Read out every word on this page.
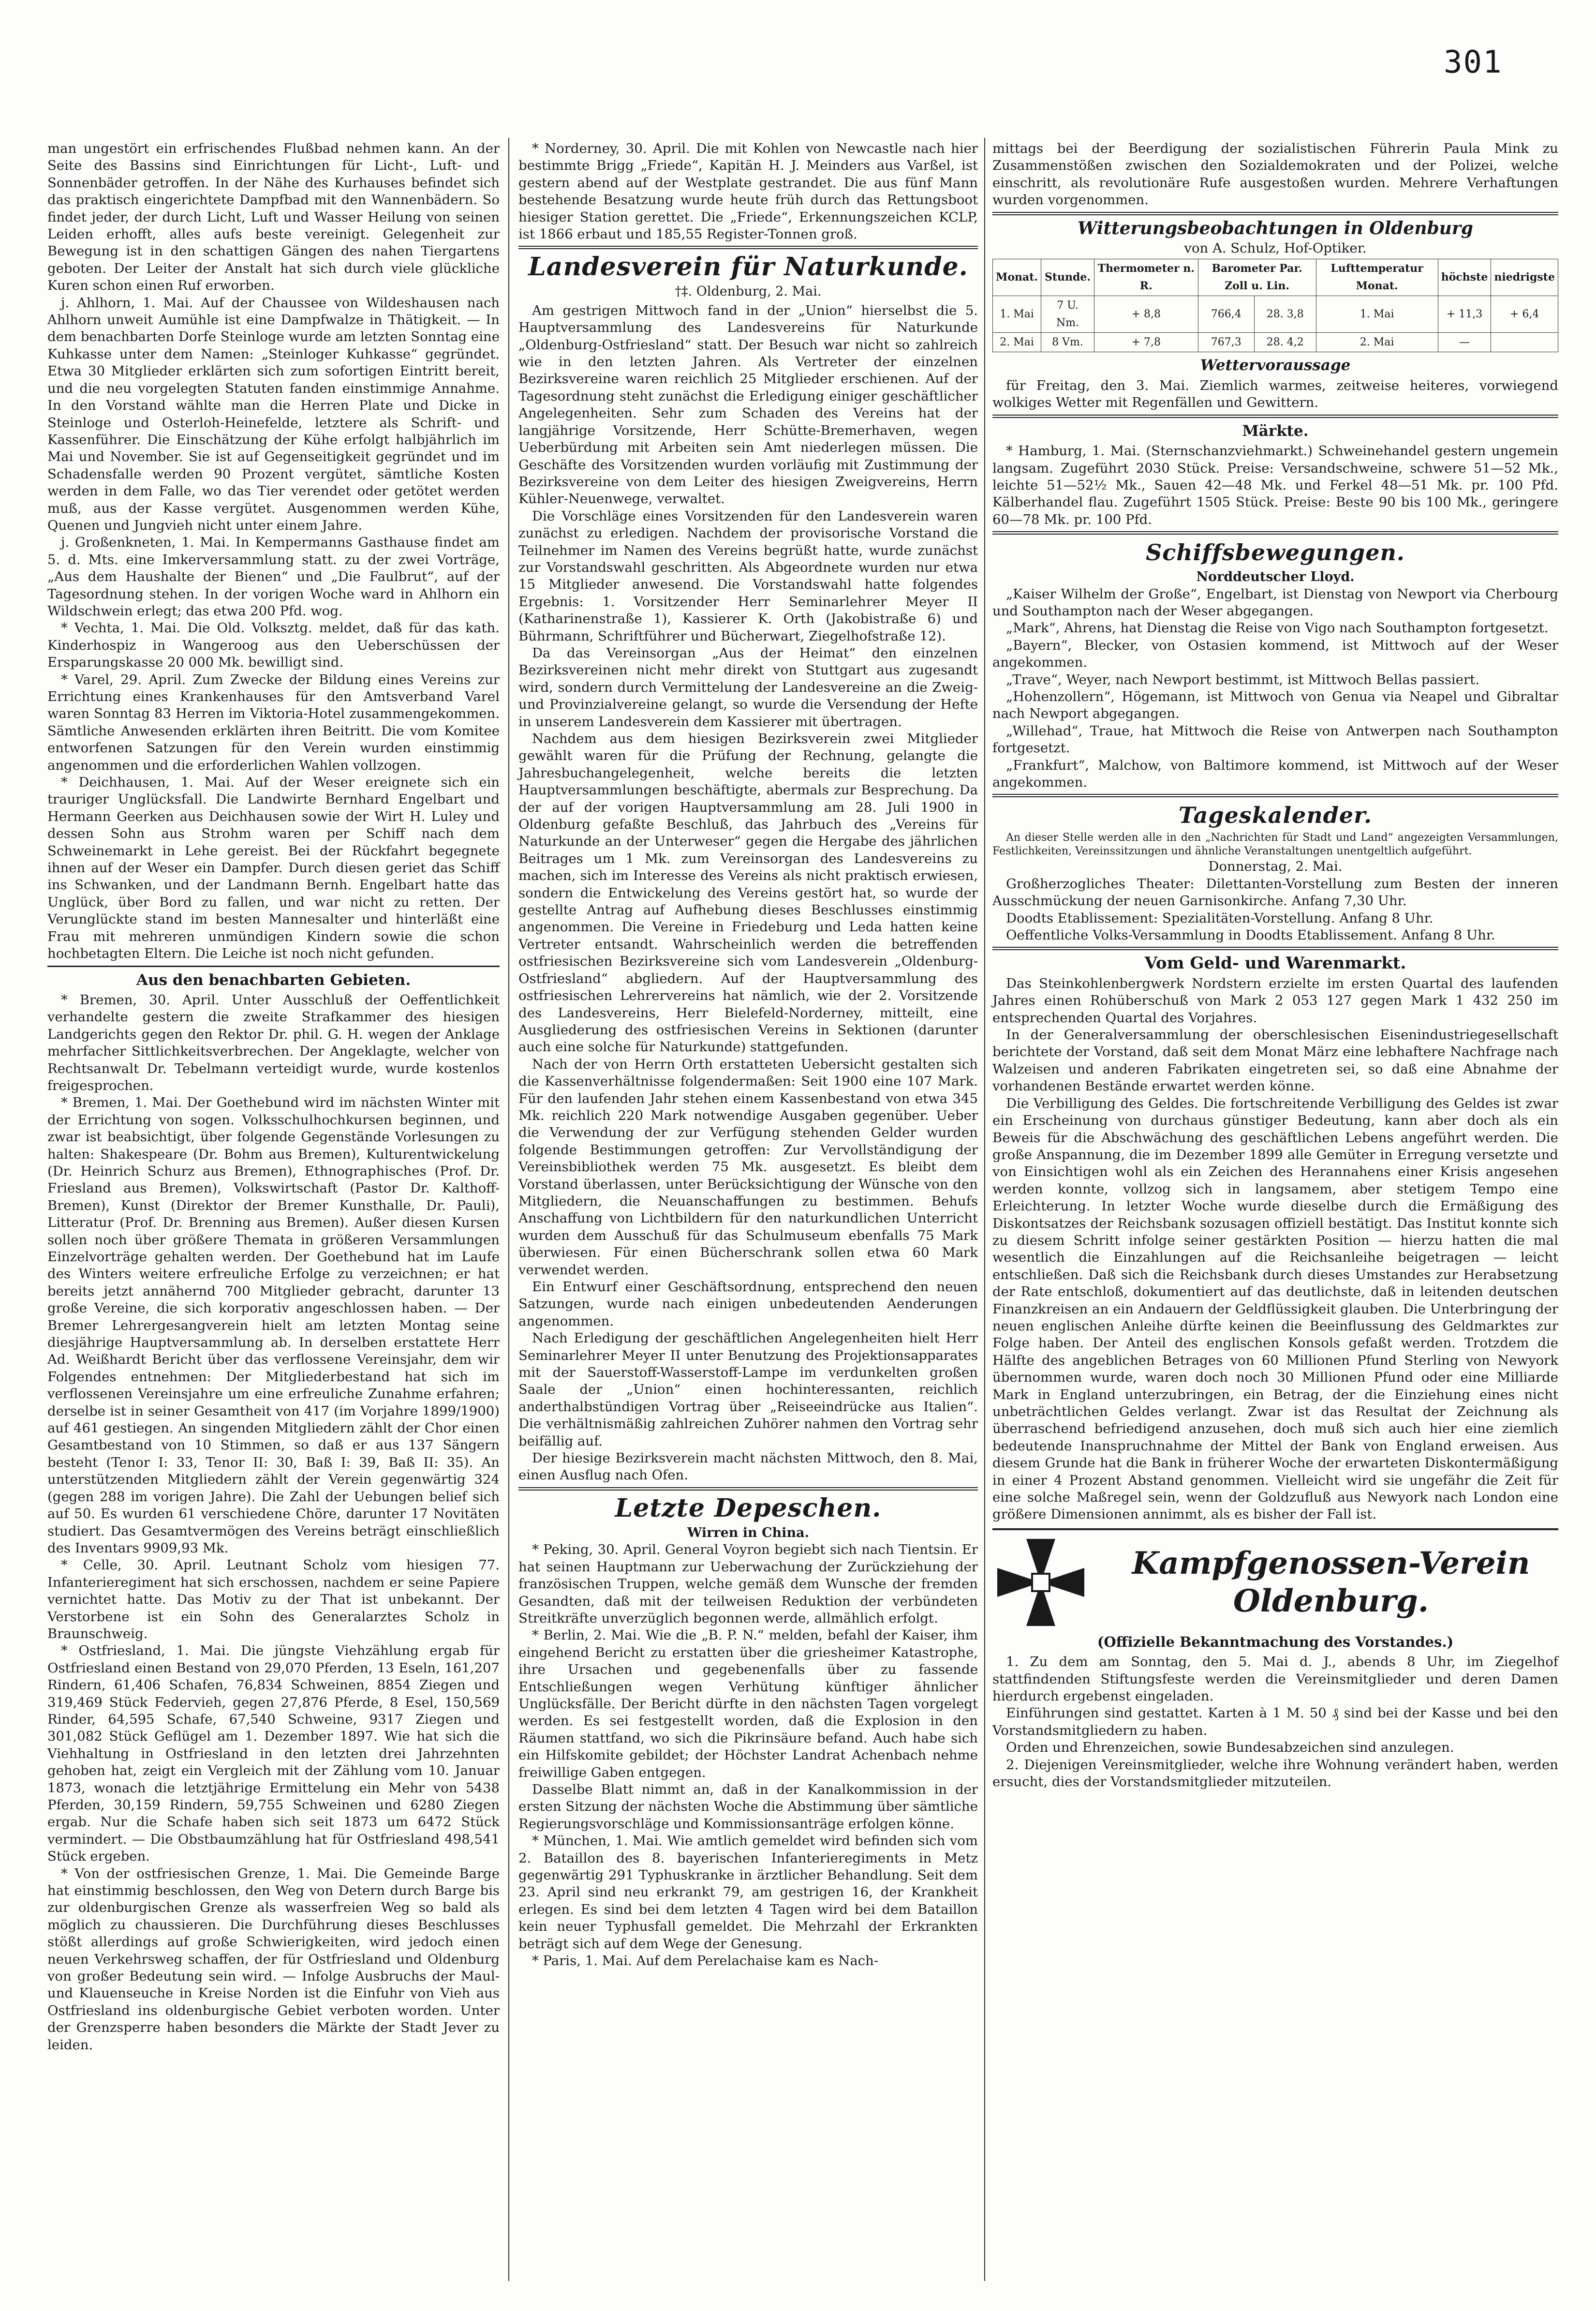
301

man ungestört ein erfrischendes Flußbad nehmen kann. An der Seite des Bassins sind Einrichtungen für Licht-, Luft- und Sonnenbäder getroffen. In der Nähe des Kurhauses befindet sich das praktisch eingerichtete Dampfbad mit den Wannenbädern. So findet jeder, der durch Licht, Luft und Wasser Heilung von seinen Leiden erhofft, alles aufs beste vereinigt. Gelegenheit zur Bewegung ist in den schattigen Gängen des nahen Tiergartens geboten. Der Leiter der Anstalt hat sich durch viele glückliche Kuren schon einen Ruf erworben.

j. Ahlhorn, 1. Mai. Auf der Chaussee von Wildeshausen nach Ahlhorn unweit Aumühle ist eine Dampfwalze in Thätigkeit. — In dem benachbarten Dorfe Steinloge wurde am letzten Sonntag eine Kuhkasse unter dem Namen: „Steinloger Kuhkasse“ gegründet. Etwa 30 Mitglieder erklärten sich zum sofortigen Eintritt bereit, und die neu vorgelegten Statuten fanden einstimmige Annahme. In den Vorstand wählte man die Herren Plate und Dicke in Steinloge und Osterloh-Heinefelde, letztere als Schrift- und Kassenführer. Die Einschätzung der Kühe erfolgt halbjährlich im Mai und November. Sie ist auf Gegenseitigkeit gegründet und im Schadensfalle werden 90 Prozent vergütet, sämtliche Kosten werden in dem Falle, wo das Tier verendet oder getötet werden muß, aus der Kasse vergütet. Ausgenommen werden Kühe, Quenen und Jungvieh nicht unter einem Jahre.

j. Großenkneten, 1. Mai. In Kempermanns Gasthause findet am 5. d. Mts. eine Imkerversammlung statt. zu der zwei Vorträge, „Aus dem Haushalte der Bienen“ und „Die Faulbrut“, auf der Tagesordnung stehen. In der vorigen Woche ward in Ahlhorn ein Wildschwein erlegt; das etwa 200 Pfd. wog.

* Vechta, 1. Mai. Die Old. Volksztg. meldet, daß für das kath. Kinderhospiz in Wangeroog aus den Ueberschüssen der Ersparungskasse 20 000 Mk. bewilligt sind.

* Varel, 29. April. Zum Zwecke der Bildung eines Vereins zur Errichtung eines Krankenhauses für den Amtsverband Varel waren Sonntag 83 Herren im Viktoria-Hotel zusammengekommen. Sämtliche Anwesenden erklärten ihren Beitritt. Die vom Komitee entworfenen Satzungen für den Verein wurden einstimmig angenommen und die erforderlichen Wahlen vollzogen.

* Deichhausen, 1. Mai. Auf der Weser ereignete sich ein trauriger Unglücksfall. Die Landwirte Bernhard Engelbart und Hermann Geerken aus Deichhausen sowie der Wirt H. Luley und dessen Sohn aus Strohm waren per Schiff nach dem Schweinemarkt in Lehe gereist. Bei der Rückfahrt begegnete ihnen auf der Weser ein Dampfer. Durch diesen geriet das Schiff ins Schwanken, und der Landmann Bernh. Engelbart hatte das Unglück, über Bord zu fallen, und war nicht zu retten. Der Verunglückte stand im besten Mannesalter und hinterläßt eine Frau mit mehreren unmündigen Kindern sowie die schon hochbetagten Eltern. Die Leiche ist noch nicht gefunden.

Aus den benachbarten Gebieten.

* Bremen, 30. April. Unter Ausschluß der Oeffentlichkeit verhandelte gestern die zweite Strafkammer des hiesigen Landgerichts gegen den Rektor Dr. phil. G. H. wegen der Anklage mehrfacher Sittlichkeitsverbrechen. Der Angeklagte, welcher von Rechtsanwalt Dr. Tebelmann verteidigt wurde, wurde kostenlos freigesprochen.

* Bremen, 1. Mai. Der Goethebund wird im nächsten Winter mit der Errichtung von sogen. Volksschulhochkursen beginnen, und zwar ist beabsichtigt, über folgende Gegenstände Vorlesungen zu halten: Shakespeare (Dr. Bohm aus Bremen), Kulturentwickelung (Dr. Heinrich Schurz aus Bremen), Ethnographisches (Prof. Dr. Friesland aus Bremen), Volkswirtschaft (Pastor Dr. Kalthoff-Bremen), Kunst (Direktor der Bremer Kunsthalle, Dr. Pauli), Litteratur (Prof. Dr. Brenning aus Bremen). Außer diesen Kursen sollen noch über größere Themata in größeren Versammlungen Einzelvorträge gehalten werden. Der Goethebund hat im Laufe des Winters weitere erfreuliche Erfolge zu verzeichnen; er hat bereits jetzt annähernd 700 Mitglieder gebracht, darunter 13 große Vereine, die sich korporativ angeschlossen haben. — Der Bremer Lehrergesangverein hielt am letzten Montag seine diesjährige Hauptversammlung ab. In derselben erstattete Herr Ad. Weißhardt Bericht über das verflossene Vereinsjahr, dem wir Folgendes entnehmen: Der Mitgliederbestand hat sich im verflossenen Vereinsjahre um eine erfreuliche Zunahme erfahren; derselbe ist in seiner Gesamtheit von 417 (im Vorjahre 1899/1900) auf 461 gestiegen. An singenden Mitgliedern zählt der Chor einen Gesamtbestand von 10 Stimmen, so daß er aus 137 Sängern besteht (Tenor I: 33, Tenor II: 30, Baß I: 39, Baß II: 35). An unterstützenden Mitgliedern zählt der Verein gegenwärtig 324 (gegen 288 im vorigen Jahre). Die Zahl der Uebungen belief sich auf 50. Es wurden 61 verschiedene Chöre, darunter 17 Novitäten studiert. Das Gesamtvermögen des Vereins beträgt einschließlich des Inventars 9909,93 Mk.

* Celle, 30. April. Leutnant Scholz vom hiesigen 77. Infanterieregiment hat sich erschossen, nachdem er seine Papiere vernichtet hatte. Das Motiv zu der That ist unbekannt. Der Verstorbene ist ein Sohn des Generalarztes Scholz in Braunschweig.

* Ostfriesland, 1. Mai. Die jüngste Viehzählung ergab für Ostfriesland einen Bestand von 29,070 Pferden, 13 Eseln, 161,207 Rindern, 61,406 Schafen, 76,834 Schweinen, 8854 Ziegen und 319,469 Stück Federvieh, gegen 27,876 Pferde, 8 Esel, 150,569 Rinder, 64,595 Schafe, 67,540 Schweine, 9317 Ziegen und 301,082 Stück Geflügel am 1. Dezember 1897. Wie hat sich die Viehhaltung in Ostfriesland in den letzten drei Jahrzehnten gehoben hat, zeigt ein Vergleich mit der Zählung vom 10. Januar 1873, wonach die letztjährige Ermittelung ein Mehr von 5438 Pferden, 30,159 Rindern, 59,755 Schweinen und 6280 Ziegen ergab. Nur die Schafe haben sich seit 1873 um 6472 Stück vermindert. — Die Obstbaumzählung hat für Ostfriesland 498,541 Stück ergeben.

* Von der ostfriesischen Grenze, 1. Mai. Die Gemeinde Barge hat einstimmig beschlossen, den Weg von Detern durch Barge bis zur oldenburgischen Grenze als wasserfreien Weg so bald als möglich zu chaussieren. Die Durchführung dieses Beschlusses stößt allerdings auf große Schwierigkeiten, wird jedoch einen neuen Verkehrsweg schaffen, der für Ostfriesland und Oldenburg von großer Bedeutung sein wird. — Infolge Ausbruchs der Maul- und Klauenseuche in Kreise Norden ist die Einfuhr von Vieh aus Ostfriesland ins oldenburgische Gebiet verboten worden. Unter der Grenzsperre haben besonders die Märkte der Stadt Jever zu leiden.

* Norderney, 30. April. Die mit Kohlen von Newcastle nach hier bestimmte Brigg „Friede“, Kapitän H. J. Meinders aus Varßel, ist gestern abend auf der Westplate gestrandet. Die aus fünf Mann bestehende Besatzung wurde heute früh durch das Rettungsboot hiesiger Station gerettet. Die „Friede“, Erkennungszeichen KCLP, ist 1866 erbaut und 185,55 Register-Tonnen groß.

Landesverein für Naturkunde.
†‡. Oldenburg, 2. Mai.

Am gestrigen Mittwoch fand in der „Union“ hierselbst die 5. Hauptversammlung des Landesvereins für Naturkunde „Oldenburg-Ostfriesland“ statt. Der Besuch war nicht so zahlreich wie in den letzten Jahren. Als Vertreter der einzelnen Bezirksvereine waren reichlich 25 Mitglieder erschienen. Auf der Tagesordnung steht zunächst die Erledigung einiger geschäftlicher Angelegenheiten. Sehr zum Schaden des Vereins hat der langjährige Vorsitzende, Herr Schütte-Bremerhaven, wegen Ueberbürdung mit Arbeiten sein Amt niederlegen müssen. Die Geschäfte des Vorsitzenden wurden vorläufig mit Zustimmung der Bezirksvereine von dem Leiter des hiesigen Zweigvereins, Herrn Kühler-Neuenwege, verwaltet.

Die Vorschläge eines Vorsitzenden für den Landesverein waren zunächst zu erledigen. Nachdem der provisorische Vorstand die Teilnehmer im Namen des Vereins begrüßt hatte, wurde zunächst zur Vorstandswahl geschritten. Als Abgeordnete wurden nur etwa 15 Mitglieder anwesend. Die Vorstandswahl hatte folgendes Ergebnis: 1. Vorsitzender Herr Seminarlehrer Meyer II (Katharinenstraße 1), Kassierer K. Orth (Jakobistraße 6) und Bührmann, Schriftführer und Bücherwart, Ziegelhofstraße 12).

Da das Vereinsorgan „Aus der Heimat“ den einzelnen Bezirksvereinen nicht mehr direkt von Stuttgart aus zugesandt wird, sondern durch Vermittelung der Landesvereine an die Zweig- und Provinzialvereine gelangt, so wurde die Versendung der Hefte in unserem Landesverein dem Kassierer mit übertragen.

Nachdem aus dem hiesigen Bezirksverein zwei Mitglieder gewählt waren für die Prüfung der Rechnung, gelangte die Jahresbuchangelegenheit, welche bereits die letzten Hauptversammlungen beschäftigte, abermals zur Besprechung. Da der auf der vorigen Hauptversammlung am 28. Juli 1900 in Oldenburg gefaßte Beschluß, das Jahrbuch des „Vereins für Naturkunde an der Unterweser“ gegen die Hergabe des jährlichen Beitrages um 1 Mk. zum Vereinsorgan des Landesvereins zu machen, sich im Interesse des Vereins als nicht praktisch erwiesen, sondern die Entwickelung des Vereins gestört hat, so wurde der gestellte Antrag auf Aufhebung dieses Beschlusses einstimmig angenommen. Die Vereine in Friedeburg und Leda hatten keine Vertreter entsandt. Wahrscheinlich werden die betreffenden ostfriesischen Bezirksvereine sich vom Landesverein „Oldenburg-Ostfriesland“ abgliedern. Auf der Hauptversammlung des ostfriesischen Lehrervereins hat nämlich, wie der 2. Vorsitzende des Landesvereins, Herr Bielefeld-Norderney, mitteilt, eine Ausgliederung des ostfriesischen Vereins in Sektionen (darunter auch eine solche für Naturkunde) stattgefunden.

Nach der von Herrn Orth erstatteten Uebersicht gestalten sich die Kassenverhältnisse folgendermaßen: Seit 1900 eine 107 Mark. Für den laufenden Jahr stehen einem Kassenbestand von etwa 345 Mk. reichlich 220 Mark notwendige Ausgaben gegenüber. Ueber die Verwendung der zur Verfügung stehenden Gelder wurden folgende Bestimmungen getroffen: Zur Vervollständigung der Vereinsbibliothek werden 75 Mk. ausgesetzt. Es bleibt dem Vorstand überlassen, unter Berücksichtigung der Wünsche von den Mitgliedern, die Neuanschaffungen zu bestimmen. Behufs Anschaffung von Lichtbildern für den naturkundlichen Unterricht wurden dem Ausschuß für das Schulmuseum ebenfalls 75 Mark überwiesen. Für einen Bücherschrank sollen etwa 60 Mark verwendet werden.

Ein Entwurf einer Geschäftsordnung, entsprechend den neuen Satzungen, wurde nach einigen unbedeutenden Aenderungen angenommen.

Nach Erledigung der geschäftlichen Angelegenheiten hielt Herr Seminarlehrer Meyer II unter Benutzung des Projektionsapparates mit der Sauerstoff-Wasserstoff-Lampe im verdunkelten großen Saale der „Union“ einen hochinteressanten, reichlich anderthalbstündigen Vortrag über „Reiseeindrücke aus Italien“. Die verhältnismäßig zahlreichen Zuhörer nahmen den Vortrag sehr beifällig auf.

Der hiesige Bezirksverein macht nächsten Mittwoch, den 8. Mai, einen Ausflug nach Ofen.

Letzte Depeschen.
Wirren in China.

* Peking, 30. April. General Voyron begiebt sich nach Tientsin. Er hat seinen Hauptmann zur Ueberwachung der Zurückziehung der französischen Truppen, welche gemäß dem Wunsche der fremden Gesandten, daß mit der teilweisen Reduktion der verbündeten Streitkräfte unverzüglich begonnen werde, allmählich erfolgt.

* Berlin, 2. Mai. Wie die „B. P. N.“ melden, befahl der Kaiser, ihm eingehend Bericht zu erstatten über die griesheimer Katastrophe, ihre Ursachen und gegebenenfalls über zu fassende Entschließungen wegen Verhütung künftiger ähnlicher Unglücksfälle. Der Bericht dürfte in den nächsten Tagen vorgelegt werden. Es sei festgestellt worden, daß die Explosion in den Räumen stattfand, wo sich die Pikrinsäure befand. Auch habe sich ein Hilfskomite gebildet; der Höchster Landrat Achenbach nehme freiwillige Gaben entgegen.

Dasselbe Blatt nimmt an, daß in der Kanalkommission in der ersten Sitzung der nächsten Woche die Abstimmung über sämtliche Regierungsvorschläge und Kommissionsanträge erfolgen könne.

* München, 1. Mai. Wie amtlich gemeldet wird befinden sich vom 2. Bataillon des 8. bayerischen Infanterieregiments in Metz gegenwärtig 291 Typhuskranke in ärztlicher Behandlung. Seit dem 23. April sind neu erkrankt 79, am gestrigen 16, der Krankheit erlegen. Es sind bei dem letzten 4 Tagen wird bei dem Bataillon kein neuer Typhusfall gemeldet. Die Mehrzahl der Erkrankten beträgt sich auf dem Wege der Genesung.

* Paris, 1. Mai. Auf dem Perelachaise kam es Nach-

mittags bei der Beerdigung der sozialistischen Führerin Paula Mink zu Zusammenstößen zwischen den Sozialdemokraten und der Polizei, welche einschritt, als revolutionäre Rufe ausgestoßen wurden. Mehrere Verhaftungen wurden vorgenommen.

Witterungsbeobachtungen in Oldenburg
von A. Schulz, Hof-Optiker.
Monat.	Stunde.	Thermometer n. R.	Barometer Par. Zoll u. Lin.		Lufttemperatur Monat.	höchste	niedrigste
1. Mai	7 U. Nm.	+ 8,8	766,4	28. 3,8	1. Mai	+ 11,3	+ 6,4
2. Mai	8 Vm.	+ 7,8	767,3	28. 4,2	2. Mai	—	
Wettervoraussage

für Freitag, den 3. Mai. Ziemlich warmes, zeitweise heiteres, vorwiegend wolkiges Wetter mit Regenfällen und Gewittern.

Märkte.

* Hamburg, 1. Mai. (Sternschanzviehmarkt.) Schweinehandel gestern ungemein langsam. Zugeführt 2030 Stück. Preise: Versandschweine, schwere 51—52 Mk., leichte 51—52½ Mk., Sauen 42—48 Mk. und Ferkel 48—51 Mk. pr. 100 Pfd. Kälberhandel flau. Zugeführt 1505 Stück. Preise: Beste 90 bis 100 Mk., geringere 60—78 Mk. pr. 100 Pfd.

Schiffsbewegungen.
Norddeutscher Lloyd.

„Kaiser Wilhelm der Große“, Engelbart, ist Dienstag von Newport via Cherbourg und Southampton nach der Weser abgegangen.

„Mark“, Ahrens, hat Dienstag die Reise von Vigo nach Southampton fortgesetzt.

„Bayern“, Blecker, von Ostasien kommend, ist Mittwoch auf der Weser angekommen.

„Trave“, Weyer, nach Newport bestimmt, ist Mittwoch Bellas passiert.

„Hohenzollern“, Högemann, ist Mittwoch von Genua via Neapel und Gibraltar nach Newport abgegangen.

„Willehad“, Traue, hat Mittwoch die Reise von Antwerpen nach Southampton fortgesetzt.

„Frankfurt“, Malchow, von Baltimore kommend, ist Mittwoch auf der Weser angekommen.

Tageskalender.

An dieser Stelle werden alle in den „Nachrichten für Stadt und Land“ angezeigten Versammlungen, Festlichkeiten, Vereinssitzungen und ähnliche Veranstaltungen unentgeltlich aufgeführt.

Donnerstag, 2. Mai.

Großherzogliches Theater: Dilettanten-Vorstellung zum Besten der inneren Ausschmückung der neuen Garnisonkirche. Anfang 7,30 Uhr.

Doodts Etablissement: Spezialitäten-Vorstellung. Anfang 8 Uhr.

Oeffentliche Volks-Versammlung in Doodts Etablissement. Anfang 8 Uhr.

Vom Geld- und Warenmarkt.

Das Steinkohlenbergwerk Nordstern erzielte im ersten Quartal des laufenden Jahres einen Rohüberschuß von Mark 2 053 127 gegen Mark 1 432 250 im entsprechenden Quartal des Vorjahres.

In der Generalversammlung der oberschlesischen Eisenindustriegesellschaft berichtete der Vorstand, daß seit dem Monat März eine lebhaftere Nachfrage nach Walzeisen und anderen Fabrikaten eingetreten sei, so daß eine Abnahme der vorhandenen Bestände erwartet werden könne.

Die Verbilligung des Geldes. Die fortschreitende Verbilligung des Geldes ist zwar ein Erscheinung von durchaus günstiger Bedeutung, kann aber doch als ein Beweis für die Abschwächung des geschäftlichen Lebens angeführt werden. Die große Anspannung, die im Dezember 1899 alle Gemüter in Erregung versetzte und von Einsichtigen wohl als ein Zeichen des Herannahens einer Krisis angesehen werden konnte, vollzog sich in langsamem, aber stetigem Tempo eine Erleichterung. In letzter Woche wurde dieselbe durch die Ermäßigung des Diskontsatzes der Reichsbank sozusagen offiziell bestätigt. Das Institut konnte sich zu diesem Schritt infolge seiner gestärkten Position — hierzu hatten die mal wesentlich die Einzahlungen auf die Reichsanleihe beigetragen — leicht entschließen. Daß sich die Reichsbank durch dieses Umstandes zur Herabsetzung der Rate entschloß, dokumentiert auf das deutlichste, daß in leitenden deutschen Finanzkreisen an ein Andauern der Geldflüssigkeit glauben. Die Unterbringung der neuen englischen Anleihe dürfte keinen die Beeinflussung des Geldmarktes zur Folge haben. Der Anteil des englischen Konsols gefaßt werden. Trotzdem die Hälfte des angeblichen Betrages von 60 Millionen Pfund Sterling von Newyork übernommen wurde, waren doch noch 30 Millionen Pfund oder eine Milliarde Mark in England unterzubringen, ein Betrag, der die Einziehung eines nicht unbeträchtlichen Geldes verlangt. Zwar ist das Resultat der Zeichnung als überraschend befriedigend anzusehen, doch muß sich auch hier eine ziemlich bedeutende Inanspruchnahme der Mittel der Bank von England erweisen. Aus diesem Grunde hat die Bank in früherer Woche der erwarteten Diskontermäßigung in einer 4 Prozent Abstand genommen. Vielleicht wird sie ungefähr die Zeit für eine solche Maßregel sein, wenn der Goldzufluß aus Newyork nach London eine größere Dimensionen annimmt, als es bisher der Fall ist.

Kampfgenossen-Verein
Oldenburg.
(Offizielle Bekanntmachung des Vorstandes.)

1. Zu dem am Sonntag, den 5. Mai d. J., abends 8 Uhr, im Ziegelhof stattfindenden Stiftungsfeste werden die Vereinsmitglieder und deren Damen hierdurch ergebenst eingeladen.

Einführungen sind gestattet. Karten à 1 M. 50 ₰ sind bei der Kasse und bei den Vorstandsmitgliedern zu haben.

Orden und Ehrenzeichen, sowie Bundesabzeichen sind anzulegen.

2. Diejenigen Vereinsmitglieder, welche ihre Wohnung verändert haben, werden ersucht, dies der Vorstandsmitglieder mitzuteilen.
